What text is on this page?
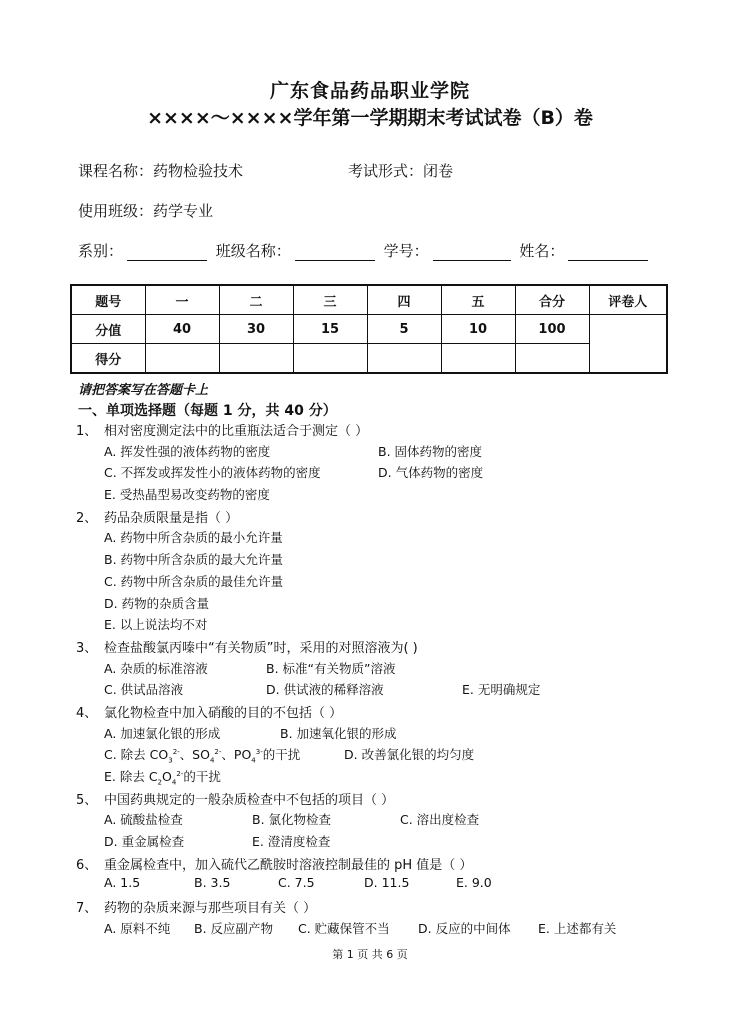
广东食品药品职业学院
××××～××××学年第一学期期末考试试卷（B）卷
课程名称：药物检验技术	考试形式：闭卷
使用班级：药学专业
系别：	班级名称：	学号：	姓名：
题号	一	二	三	四	五	合分	评卷人
分值	40	30	15	5	10	100	
得分							
请把答案写在答题卡上
一、单项选择题（每题 1 分，共 40 分）
1、 相对密度测定法中的比重瓶法适合于测定（ ）
A. 挥发性强的液体药物的密度	B. 固体药物的密度
C. 不挥发或挥发性小的液体药物的密度	D. 气体药物的密度
E. 受热晶型易改变药物的密度
2、 药品杂质限量是指（ ）
A. 药物中所含杂质的最小允许量
B. 药物中所含杂质的最大允许量
C. 药物中所含杂质的最佳允许量
D. 药物的杂质含量
E. 以上说法均不对
3、 检查盐酸氯丙嗪中“有关物质”时，采用的对照溶液为( )
A. 杂质的标准溶液	B. 标准“有关物质”溶液
C. 供试品溶液	D. 供试液的稀释溶液	E. 无明确规定
4、 氯化物检查中加入硝酸的目的不包括（ ）
A. 加速氯化银的形成	B. 加速氧化银的形成
C. 除去 $CO_3^{2-}$、$SO_4^{2-}$、$PO_4^{3-}$的干扰	D. 改善氯化银的均匀度
E. 除去 $C_2O_4^{2-}$的干扰
5、 中国药典规定的一般杂质检查中不包括的项目（ ）
A. 硫酸盐检查	B. 氯化物检查	C. 溶出度检查
D. 重金属检查	E. 澄清度检查
6、 重金属检查中，加入硫代乙酰胺时溶液控制最佳的 pH 值是（ ）
A. 1.5	B. 3.5	C. 7.5	D. 11.5	E. 9.0
7、 药物的杂质来源与那些项目有关（ ）
A. 原料不纯 B. 反应副产物 C. 贮藏保管不当 D. 反应的中间体 E. 上述都有关
第 1 页 共 6 页
